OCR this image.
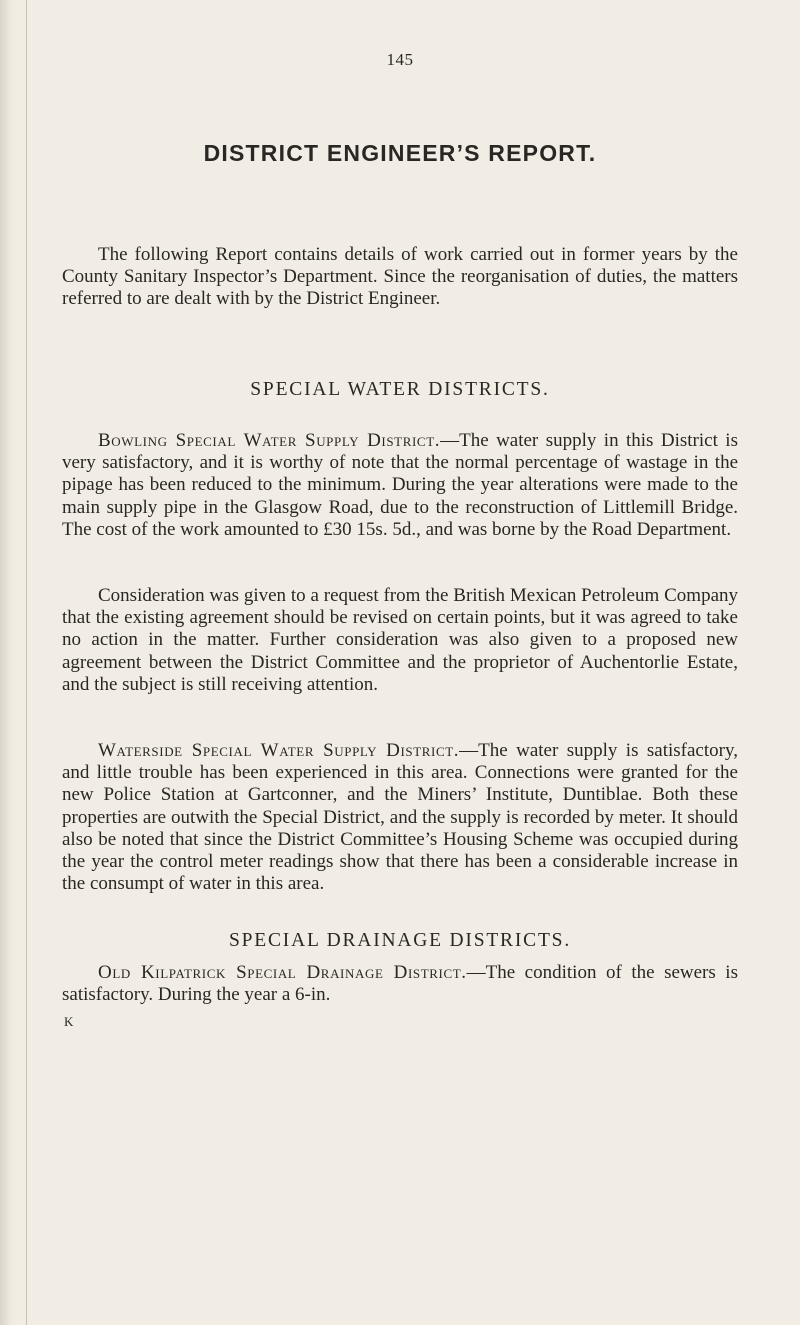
145
DISTRICT ENGINEER’S REPORT.

The following Report contains details of work carried out in former years by the County Sanitary Inspector’s Department. Since the reorganisation of duties, the matters referred to are dealt with by the District Engineer.

SPECIAL WATER DISTRICTS.

Bowling Special Water Supply District.—The water supply in this District is very satisfactory, and it is worthy of note that the normal percentage of wastage in the pipage has been reduced to the minimum. During the year alterations were made to the main supply pipe in the Glasgow Road, due to the reconstruction of Littlemill Bridge. The cost of the work amounted to £30 15s. 5d., and was borne by the Road Department.

Consideration was given to a request from the British Mexican Petroleum Company that the existing agreement should be revised on certain points, but it was agreed to take no action in the matter. Further consideration was also given to a proposed new agreement between the District Committee and the proprietor of Auchentorlie Estate, and the subject is still receiving attention.

Waterside Special Water Supply District.—The water supply is satisfactory, and little trouble has been experienced in this area. Connections were granted for the new Police Station at Gartconner, and the Miners’ Institute, Duntiblae. Both these properties are outwith the Special District, and the supply is recorded by meter. It should also be noted that since the District Committee’s Housing Scheme was occupied during the year the control meter readings show that there has been a considerable increase in the consumpt of water in this area.

SPECIAL DRAINAGE DISTRICTS.

Old Kilpatrick Special Drainage District.—The condition of the sewers is satisfactory. During the year a 6-in.

K
